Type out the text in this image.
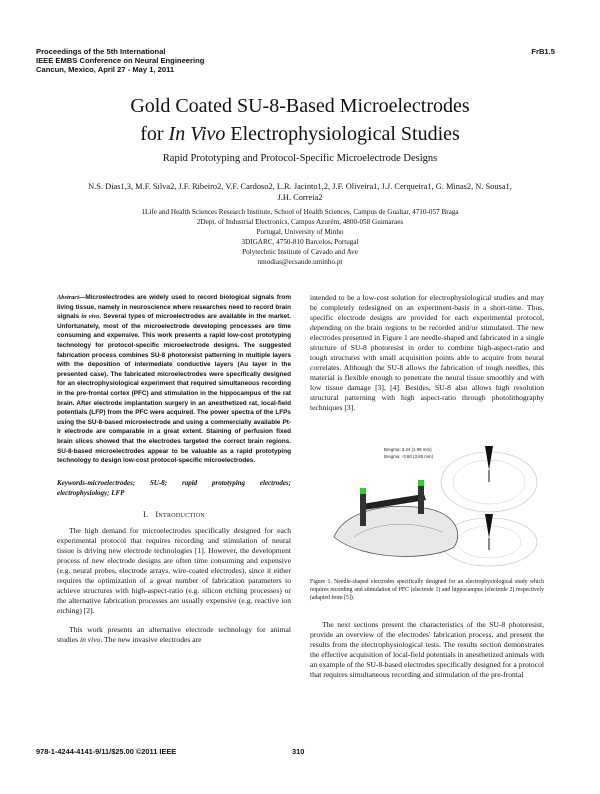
Proceedings of the 5th International
IEEE EMBS Conference on Neural Engineering
Cancun, Mexico, April 27 - May 1, 2011
FrB1.5
Gold Coated SU-8-Based Microelectrodes
for In Vivo Electrophysiological Studies
Rapid Prototyping and Protocol-Specific Microelectrode Designs
N.S. Dias1,3, M.F. Silva2, J.F. Ribeiro2, V.F. Cardoso2, L.R. Jacinto1,2, J.F. Oliveira1, J.J. Cerqueira1, G. Minas2, N. Sousa1,
J.H. Correia2
1Life and Health Sciences Research Institute, School of Health Sciences, Campus de Gualtar, 4710-057 Braga
2Dept. of Industrial Electronics, Campus Azurém, 4800-058 Guimaraes
Portugal, University of Minho
3DIGARC, 4750-810 Barcelos, Portugal
Polytechnic Institute of Cavado and Ave
nmodias@ecsaude.uminho.pt
Abstract—Microelectrodes are widely used to record biological signals from living tissue, namely in neuroscience where researches need to record brain signals in vivo. Several types of microelectrodes are available in the market. Unfortunately, most of the microelectrode developing processes are time consuming and expensive. This work presents a rapid low-cost prototyping technology for protocol-specific microelectrode designs. The suggested fabrication process combines SU-8 photoresist patterning in multiple layers with the deposition of intermediate conductive layers (Au layer in the presented case). The fabricated microelectrodes were specifically designed for an electrophysiological experiment that required simultaneous recording in the pre-frontal cortex (PFC) and stimulation in the hippocampus of the rat brain. After electrode implantation surgery in an anesthetized rat, local-field potentials (LFP) from the PFC were acquired. The power spectra of the LFPs using the SU-8-based microelectrode and using a commercially available Pt-Ir electrode are comparable in a great extent. Staining of perfusion fixed brain slices showed that the electrodes targeted the correct brain regions. SU-8-based microelectrodes appear to be valuable as a rapid prototyping technology to design low-cost protocol-specific microelectrodes.
Keywords-microelectrodes; SU-8; rapid prototyping electrodes; electrophysiology; LFP
I. Introduction

The high demand for microelectrodes specifically designed for each experimental protocol that requires recording and stimulation of neural tissue is driving new electrode technologies [1]. However, the development process of new electrode designs are often time consuming and expensive (e.g. neural probes, electrode arrays, wire-coated electrodes), since it either requires the optimization of a great number of fabrication parameters to achieve structures with high-aspect-ratio (e.g. silicon etching processes) or the alternative fabrication processes are usually expensive (e.g. reactive ion etching) [2].

This work presents an alternative electrode technology for animal studies in vivo. The new invasive electrodes are

intended to be a low-cost solution for electrophysiological studies and may be completely redesigned on an experiment-basis in a short-time. Thus, specific electrode designs are provided for each experimental protocol, depending on the brain regions to be recorded and/or stimulated. The new electrodes presented in Figure 1 are needle-shaped and fabricated in a single structure of SU-8 photoresist in order to combine high-aspect-ratio and tough structures with small acquisition points able to acquire from neural correlates. Although the SU-8 allows the fabrication of tough needles, this material is flexible enough to penetrate the neural tissue smoothly and with low tissue damage [3], [4]. Besides, SU-8 also allows high resolution structural patterning with high aspect-ratio through photolithography techniques [3].

Bregma: 3.24 (1.08 mm)
Bregma: -3.60 (3.65 mm)
Figure 1. Needle-shaped electrodes specifically designed for an electrophysiological study which requires recording and stimulation of PFC (electrode 1) and hippocampus (electrode 2) respectively (adapted from [5]).

The next sections present the characteristics of the SU-8 photoresist, provide an overview of the electrodes' fabrication process, and present the results from the electrophysiological tests. The results section demonstrates the effective acquisition of local-field potentials in anesthetized animals with an example of the SU-8-based electrodes specifically designed for a protocol that requires simultaneous recording and stimulation of the pre-frontal

978-1-4244-4141-9/11/$25.00 ©2011 IEEE	310
